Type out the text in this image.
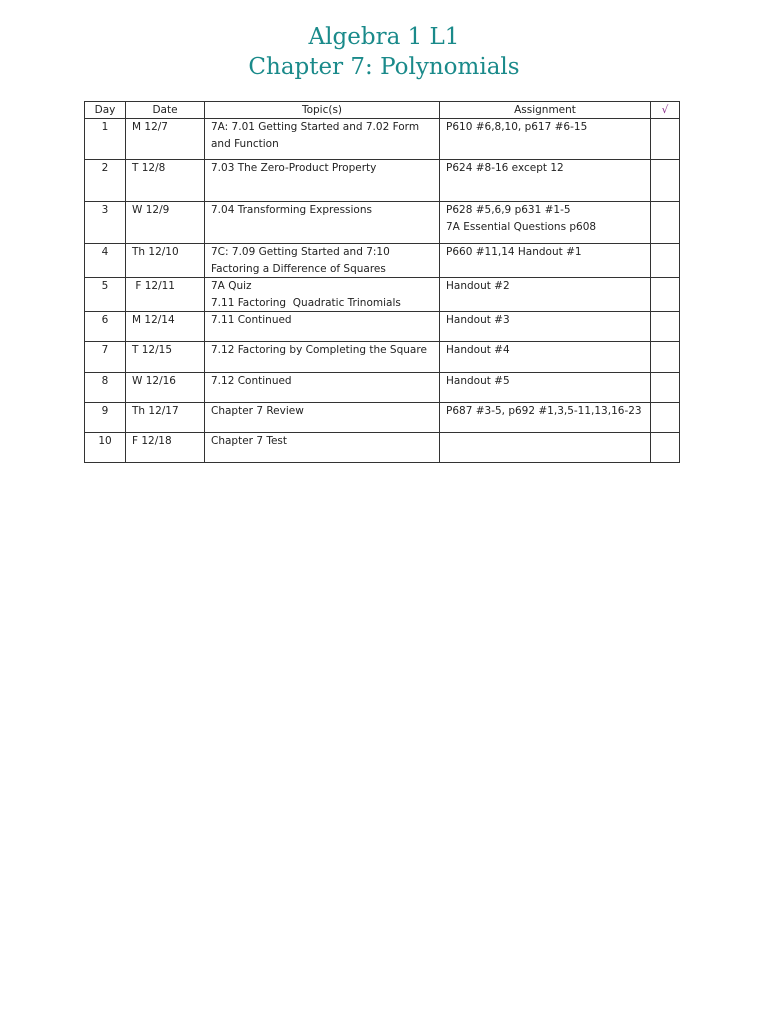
Algebra 1 L1
Chapter 7: Polynomials
Day	Date	Topic(s)	Assignment	√
1	M 12/7	7A: 7.01 Getting Started and 7.02 Form
and Function	P610 #6,8,10, p617 #6-15	

2	T 12/8	7.03 The Zero-Product Property	P624 #8-16 except 12	

3	W 12/9	7.04 Transforming Expressions	P628 #5,6,9 p631 #1-5
7A Essential Questions p608	

4	Th 12/10	7C: 7.09 Getting Started and 7:10
Factoring a Difference of Squares	P660 #11,14 Handout #1	

5	F 12/11	7A Quiz
7.11 Factoring  Quadratic Trinomials	Handout #2	

6	M 12/14	7.11 Continued	Handout #3	

7	T 12/15	7.12 Factoring by Completing the Square	Handout #4	

8	W 12/16	7.12 Continued	Handout #5	

9	Th 12/17	Chapter 7 Review	P687 #3-5, p692 #1,3,5-11,13,16-23	

10	F 12/18	Chapter 7 Test		
